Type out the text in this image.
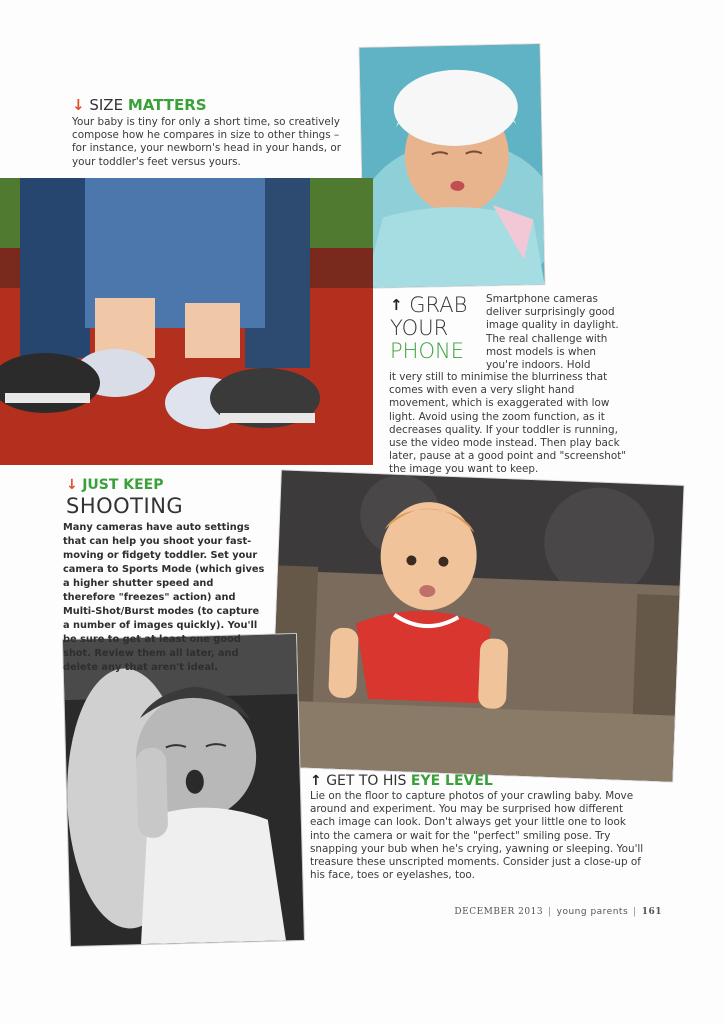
↓ SIZE MATTERS

Your baby is tiny for only a short time, so creatively compose how he compares in size to other things – for instance, your newborn's head in your hands, or your toddler's feet versus yours.

↑ GRAB
YOUR
PHONE

Smartphone cameras deliver surprisingly good image quality in daylight. The real challenge with most models is when you're indoors. Hold

it very still to minimise the blurriness that comes with even a very slight hand movement, which is exaggerated with low light. Avoid using the zoom function, as it decreases quality. If your toddler is running, use the video mode instead. Then play back later, pause at a good point and "screenshot" the image you want to keep.

↓ JUST KEEP
SHOOTING

Many cameras have auto settings that can help you shoot your fast-moving or fidgety toddler. Set your camera to Sports Mode (which gives a higher shutter speed and therefore "freezes" action) and Multi-Shot/Burst modes (to capture a number of images quickly). You'll be sure to get at least one good shot. Review them all later, and delete any that aren't ideal.

↑ GET TO HIS EYE LEVEL

Lie on the floor to capture photos of your crawling baby. Move around and experiment. You may be surprised how different each image can look. Don't always get your little one to look into the camera or wait for the "perfect" smiling pose. Try snapping your bub when he's crying, yawning or sleeping. You'll treasure these unscripted moments. Consider just a close-up of his face, toes or eyelashes, too.

DECEMBER 2013 | young parents | 161
